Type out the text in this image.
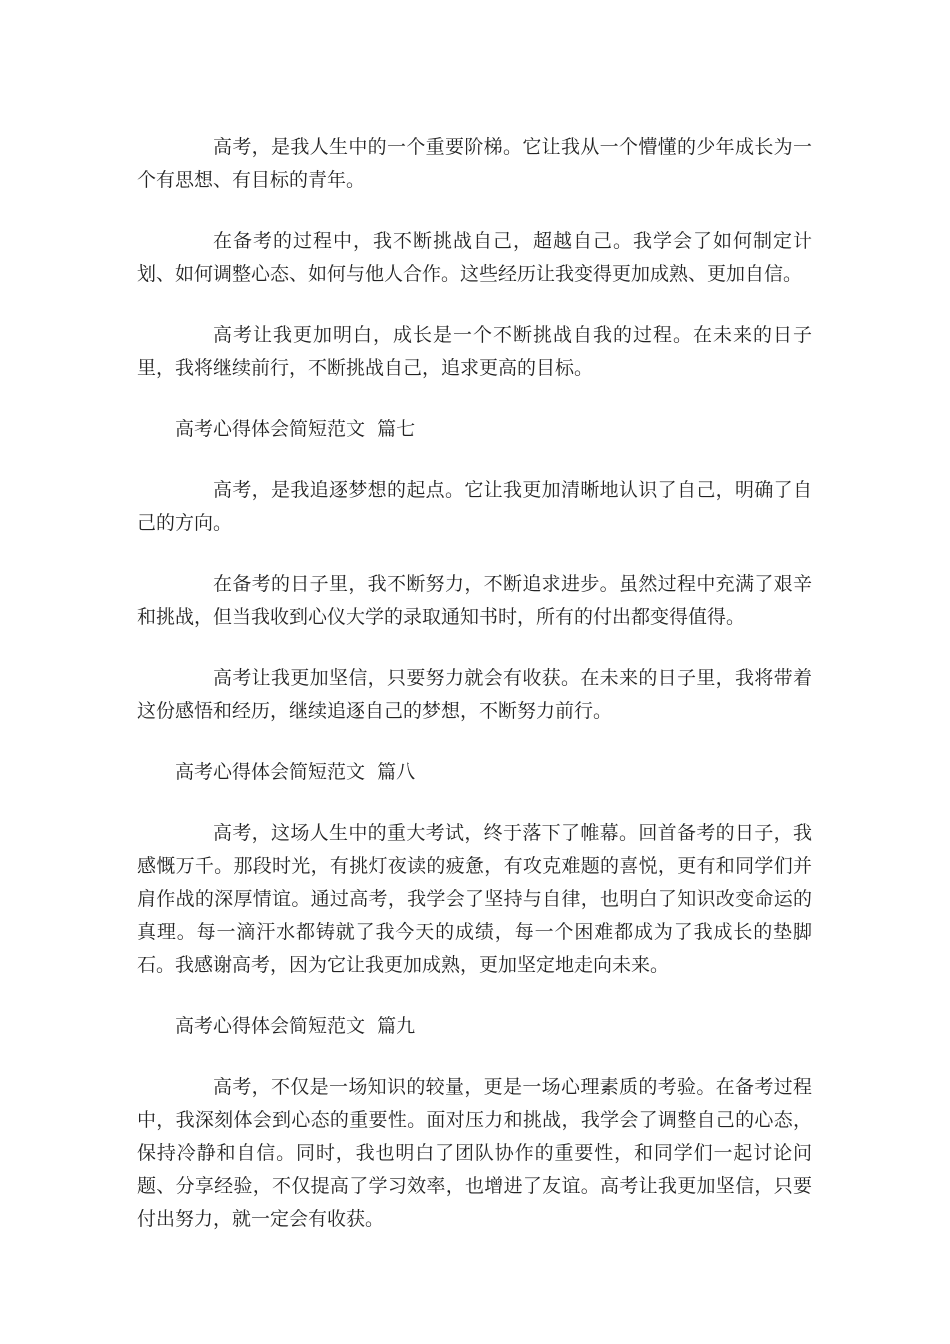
高考，是我人生中的一个重要阶梯。它让我从一个懵懂的少年成长为一个有思想、有目标的青年。

在备考的过程中，我不断挑战自己，超越自己。我学会了如何制定计划、如何调整心态、如何与他人合作。这些经历让我变得更加成熟、更加自信。

高考让我更加明白，成长是一个不断挑战自我的过程。在未来的日子里，我将继续前行，不断挑战自己，追求更高的目标。

高考心得体会简短范文  篇七

高考，是我追逐梦想的起点。它让我更加清晰地认识了自己，明确了自己的方向。

在备考的日子里，我不断努力，不断追求进步。虽然过程中充满了艰辛和挑战，但当我收到心仪大学的录取通知书时，所有的付出都变得值得。

高考让我更加坚信，只要努力就会有收获。在未来的日子里，我将带着这份感悟和经历，继续追逐自己的梦想，不断努力前行。

高考心得体会简短范文  篇八

高考，这场人生中的重大考试，终于落下了帷幕。回首备考的日子，我感慨万千。那段时光，有挑灯夜读的疲惫，有攻克难题的喜悦，更有和同学们并肩作战的深厚情谊。通过高考，我学会了坚持与自律，也明白了知识改变命运的真理。每一滴汗水都铸就了我今天的成绩，每一个困难都成为了我成长的垫脚石。我感谢高考，因为它让我更加成熟，更加坚定地走向未来。

高考心得体会简短范文  篇九

高考，不仅是一场知识的较量，更是一场心理素质的考验。在备考过程中，我深刻体会到心态的重要性。面对压力和挑战，我学会了调整自己的心态，保持冷静和自信。同时，我也明白了团队协作的重要性，和同学们一起讨论问题、分享经验，不仅提高了学习效率，也增进了友谊。高考让我更加坚信，只要付出努力，就一定会有收获。
